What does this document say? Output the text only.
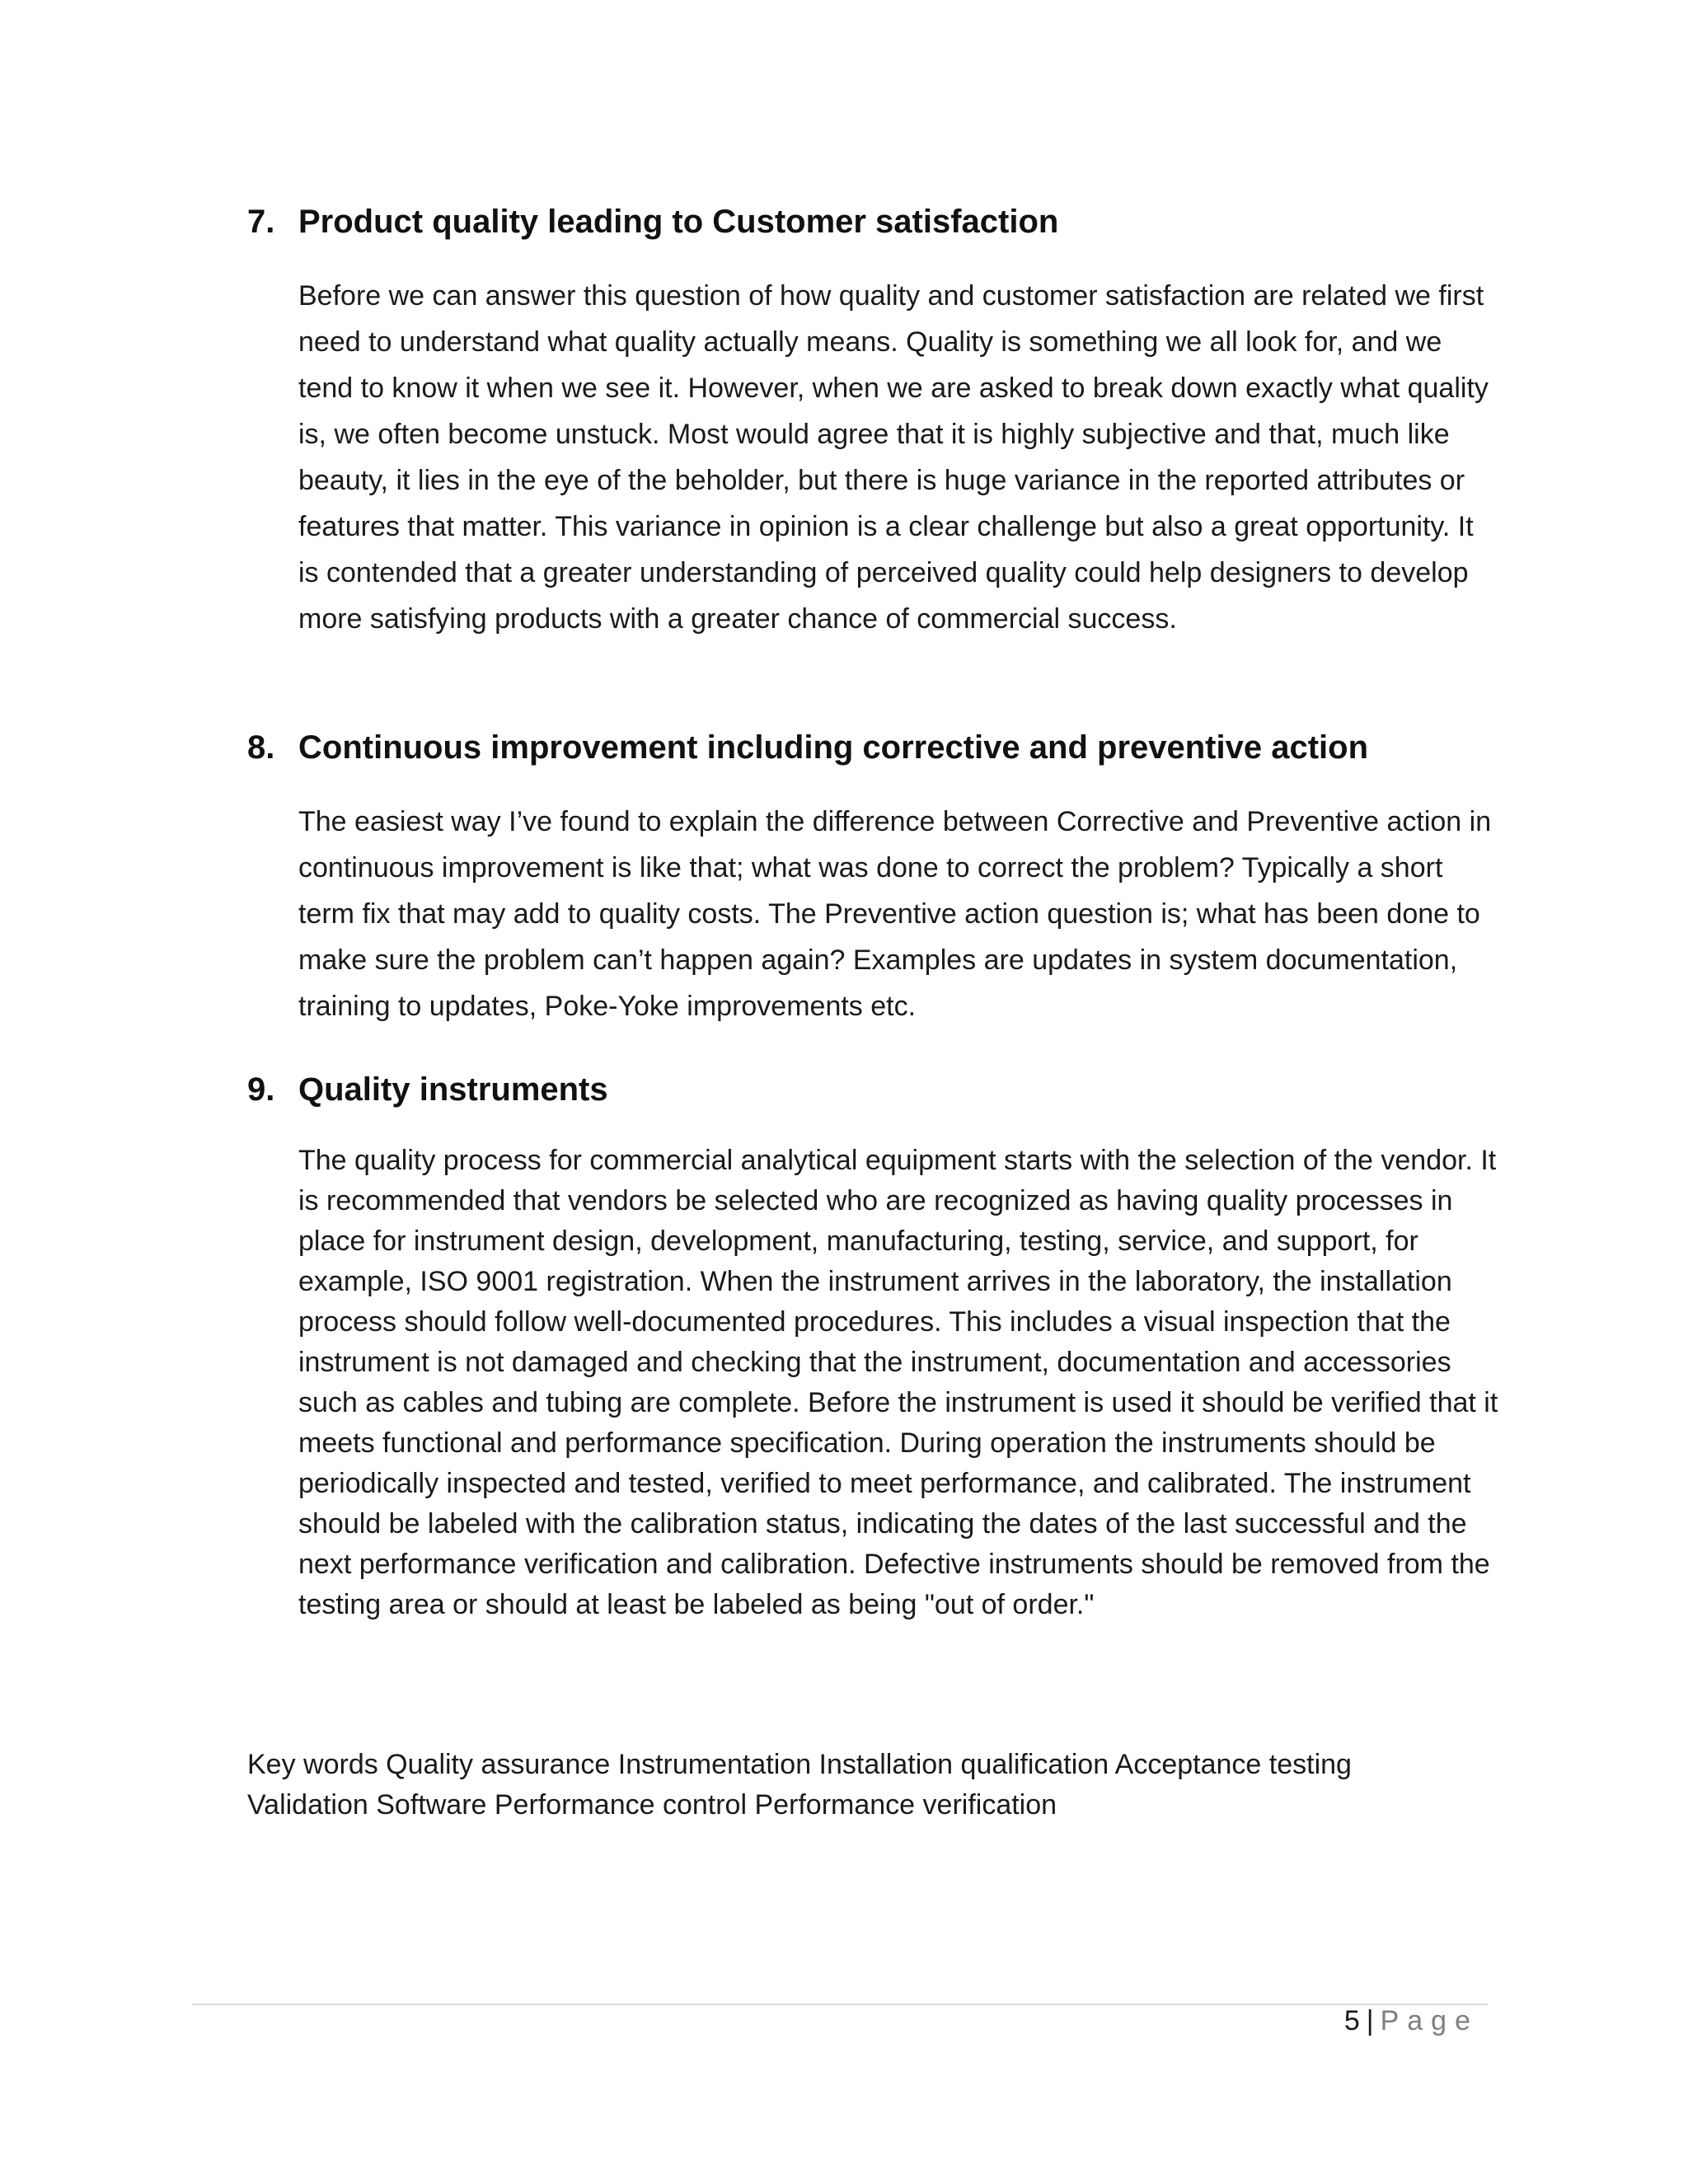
7. Product quality leading to Customer satisfaction

Before we can answer this question of how quality and customer satisfaction are related we first need to understand what quality actually means. Quality is something we all look for, and we tend to know it when we see it. However, when we are asked to break down exactly what quality is, we often become unstuck. Most would agree that it is highly subjective and that, much like beauty, it lies in the eye of the beholder, but there is huge variance in the reported attributes or features that matter. This variance in opinion is a clear challenge but also a great opportunity. It is contended that a greater understanding of perceived quality could help designers to develop more satisfying products with a greater chance of commercial success.

8. Continuous improvement including corrective and preventive action

The easiest way I’ve found to explain the difference between Corrective and Preventive action in continuous improvement is like that; what was done to correct the problem? Typically a short term fix that may add to quality costs. The Preventive action question is; what has been done to make sure the problem can’t happen again? Examples are updates in system documentation, training to updates, Poke-Yoke improvements etc.

9. Quality instruments

The quality process for commercial analytical equipment starts with the selection of the vendor. It is recommended that vendors be selected who are recognized as having quality processes in place for instrument design, development, manufacturing, testing, service, and support, for example, ISO 9001 registration. When the instrument arrives in the laboratory, the installation process should follow well-documented procedures. This includes a visual inspection that the instrument is not damaged and checking that the instrument, documentation and accessories such as cables and tubing are complete. Before the instrument is used it should be verified that it meets functional and performance specification. During operation the instruments should be periodically inspected and tested, verified to meet performance, and calibrated. The instrument should be labeled with the calibration status, indicating the dates of the last successful and the next performance verification and calibration. Defective instruments should be removed from the testing area or should at least be labeled as being "out of order."

Key words Quality assurance Instrumentation Installation qualification Acceptance testing Validation Software Performance control Performance verification

5 | Page
